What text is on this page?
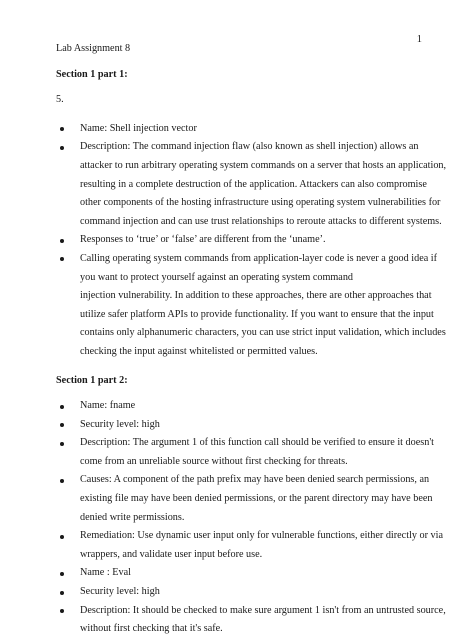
1

Lab Assignment 8

Section 1 part 1:

5.

Name: Shell injection vector
Description: The command injection flaw (also known as shell injection) allows an
attacker to run arbitrary operating system commands on a server that hosts an application,
resulting in a complete destruction of the application. Attackers can also compromise
other components of the hosting infrastructure using operating system vulnerabilities for
command injection and can use trust relationships to reroute attacks to different systems.
Responses to ‘true’ or ‘false’ are different from the ‘uname’.
Calling operating system commands from application-layer code is never a good idea if
you want to protect yourself against an operating system command
injection vulnerability. In addition to these approaches, there are other approaches that
utilize safer platform APIs to provide functionality. If you want to ensure that the input
contains only alphanumeric characters, you can use strict input validation, which includes
checking the input against whitelisted or permitted values.

Section 1 part 2:

Name: fname
Security level: high
Description: The argument 1 of this function call should be verified to ensure it doesn't
come from an unreliable source without first checking for threats.
Causes: A component of the path prefix may have been denied search permissions, an
existing file may have been denied permissions, or the parent directory may have been
denied write permissions.
Remediation: Use dynamic user input only for vulnerable functions, either directly or via
wrappers, and validate user input before use.
Name : Eval
Security level: high
Description: It should be checked to make sure argument 1 isn't from an untrusted source,
without first checking that it's safe.
